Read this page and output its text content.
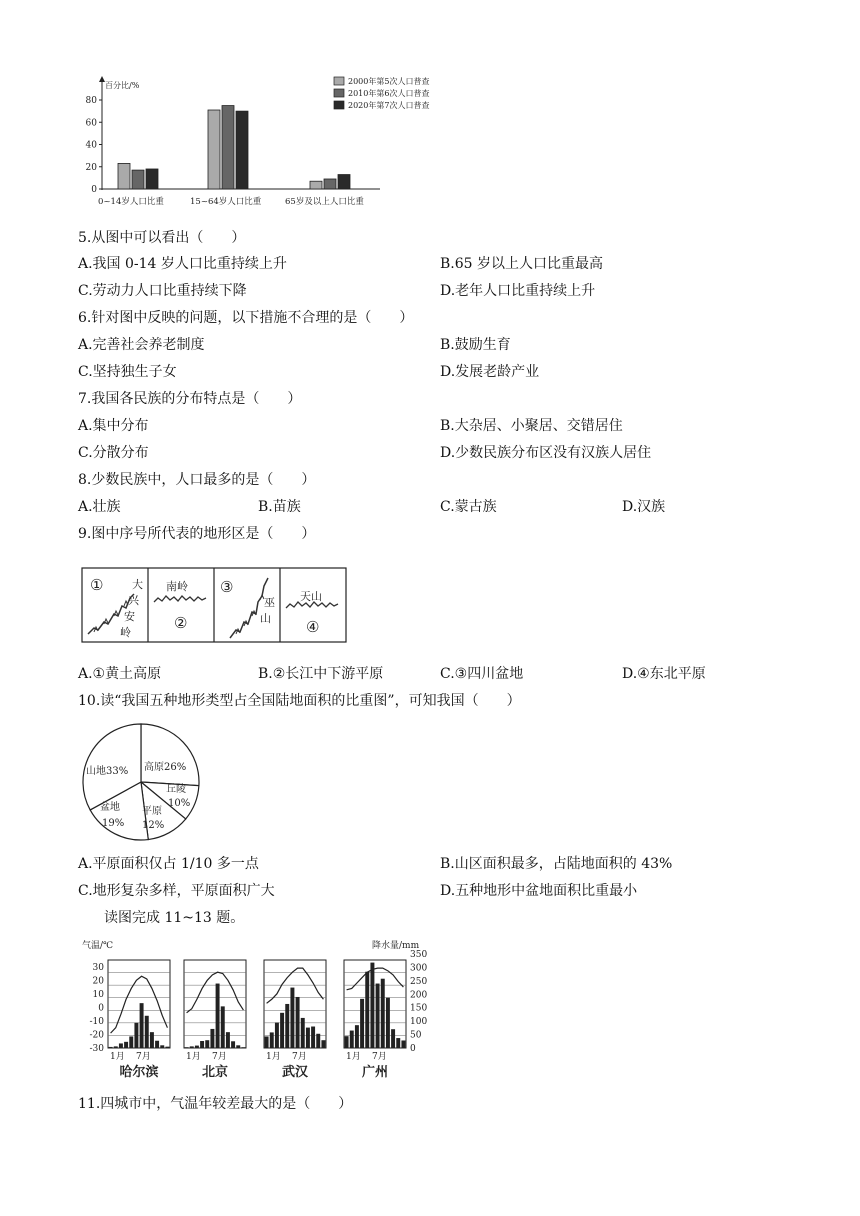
百分比/%
80
60
40
20
0
2000年第5次人口普查
2010年第6次人口普查
2020年第7次人口普查
0~14岁人口比重	15~64岁人口比重	65岁及以上人口比重
5.从图中可以看出（　　）
A.我国 0-14 岁人口比重持续上升	B.65 岁以上人口比重最高
C.劳动力人口比重持续下降	D.老年人口比重持续上升
6.针对图中反映的问题，以下措施不合理的是（　　）
A.完善社会养老制度	B.鼓励生育
C.坚持独生子女	D.发展老龄产业
7.我国各民族的分布特点是（　　）
A.集中分布	B.大杂居、小聚居、交错居住
C.分散分布	D.少数民族分布区没有汉族人居住
8.少数民族中，人口最多的是（　　）
A.壮族	B.苗族	C.蒙古族	D.汉族
9.图中序号所代表的地形区是（　　）
①	大
兴
安
岭
南岭
②
③
巫
山
天山
④
A.①黄土高原	B.②长江中下游平原	C.③四川盆地	D.④东北平原
10.读“我国五种地形类型占全国陆地面积的比重图”，可知我国（　　）
山地33% 高原26%
丘陵
10%
平原
12%
盆地
19%
A.平原面积仅占 1/10 多一点	B.山区面积最多，占陆地面积的 43%
C.地形复杂多样，平原面积广大	D.五种地形中盆地面积比重最小
读图完成 11~13 题。
气温/℃	降水量/mm
30
20
10
0
-10
-20
-30
350
300
250
200
150
100
50
0
1月 7月
哈尔滨
1月 7月
北京
1月 7月
武汉
1月 7月
广州
11.四城市中，气温年较差最大的是（　　）
